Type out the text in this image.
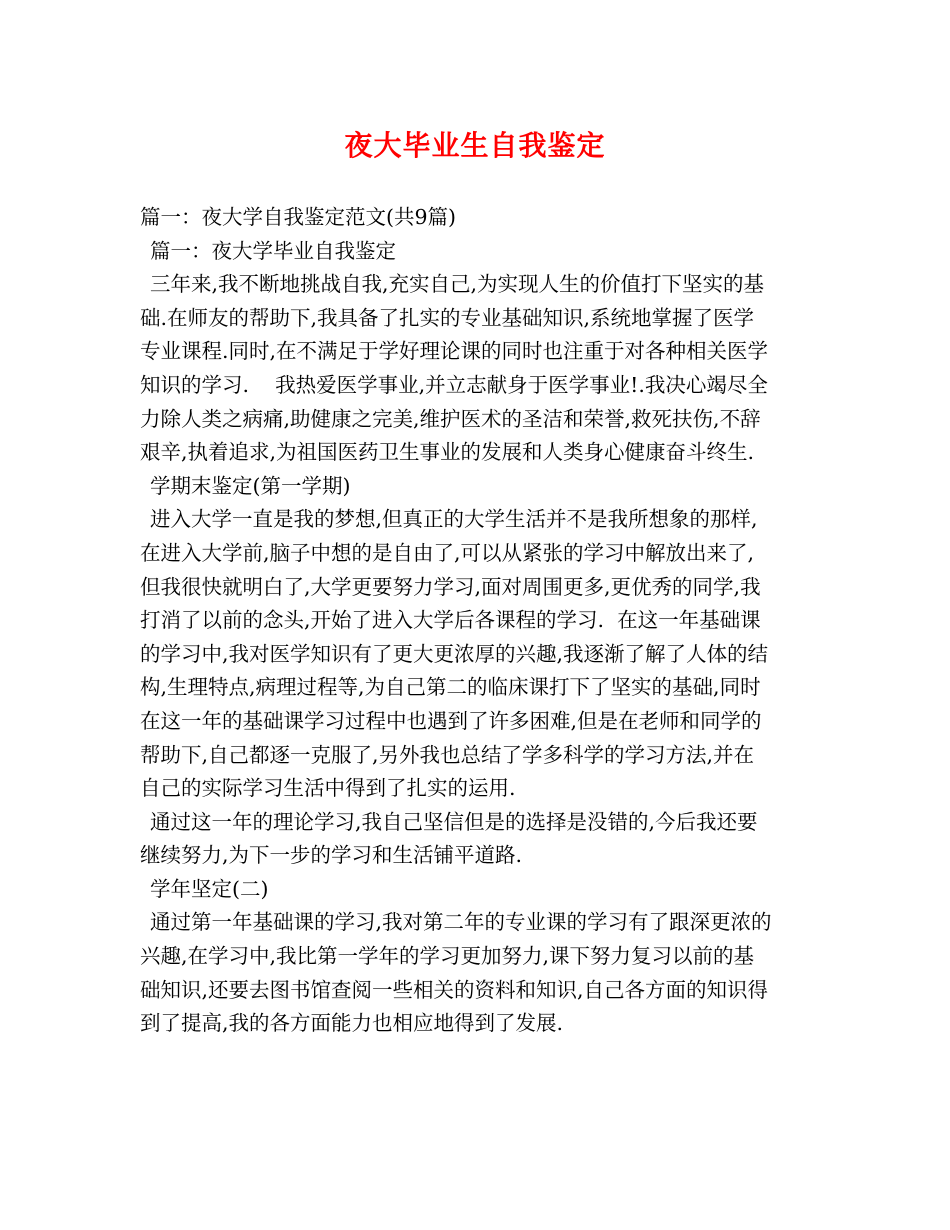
夜大毕业生自我鉴定
篇一：夜大学自我鉴定范文(共9篇)
篇一：夜大学毕业自我鉴定
三年来,我不断地挑战自我,充实自己,为实现人生的价值打下坚实的基
础.在师友的帮助下,我具备了扎实的专业基础知识,系统地掌握了医学
专业课程.同时,在不满足于学好理论课的同时也注重于对各种相关医学
知识的学习.    我热爱医学事业,并立志献身于医学事业!.我决心竭尽全
力除人类之病痛,助健康之完美,维护医术的圣洁和荣誉,救死扶伤,不辞
艰辛,执着追求,为祖国医药卫生事业的发展和人类身心健康奋斗终生.
学期末鉴定(第一学期)
进入大学一直是我的梦想,但真正的大学生活并不是我所想象的那样,
在进入大学前,脑子中想的是自由了,可以从紧张的学习中解放出来了,
但我很快就明白了,大学更要努力学习,面对周围更多,更优秀的同学,我
打消了以前的念头,开始了进入大学后各课程的学习.  在这一年基础课
的学习中,我对医学知识有了更大更浓厚的兴趣,我逐渐了解了人体的结
构,生理特点,病理过程等,为自己第二的临床课打下了坚实的基础,同时
在这一年的基础课学习过程中也遇到了许多困难,但是在老师和同学的
帮助下,自己都逐一克服了,另外我也总结了学多科学的学习方法,并在
自己的实际学习生活中得到了扎实的运用.
通过这一年的理论学习,我自己坚信但是的选择是没错的,今后我还要
继续努力,为下一步的学习和生活铺平道路.
学年坚定(二)
通过第一年基础课的学习,我对第二年的专业课的学习有了跟深更浓的
兴趣,在学习中,我比第一学年的学习更加努力,课下努力复习以前的基
础知识,还要去图书馆查阅一些相关的资料和知识,自己各方面的知识得
到了提高,我的各方面能力也相应地得到了发展.
